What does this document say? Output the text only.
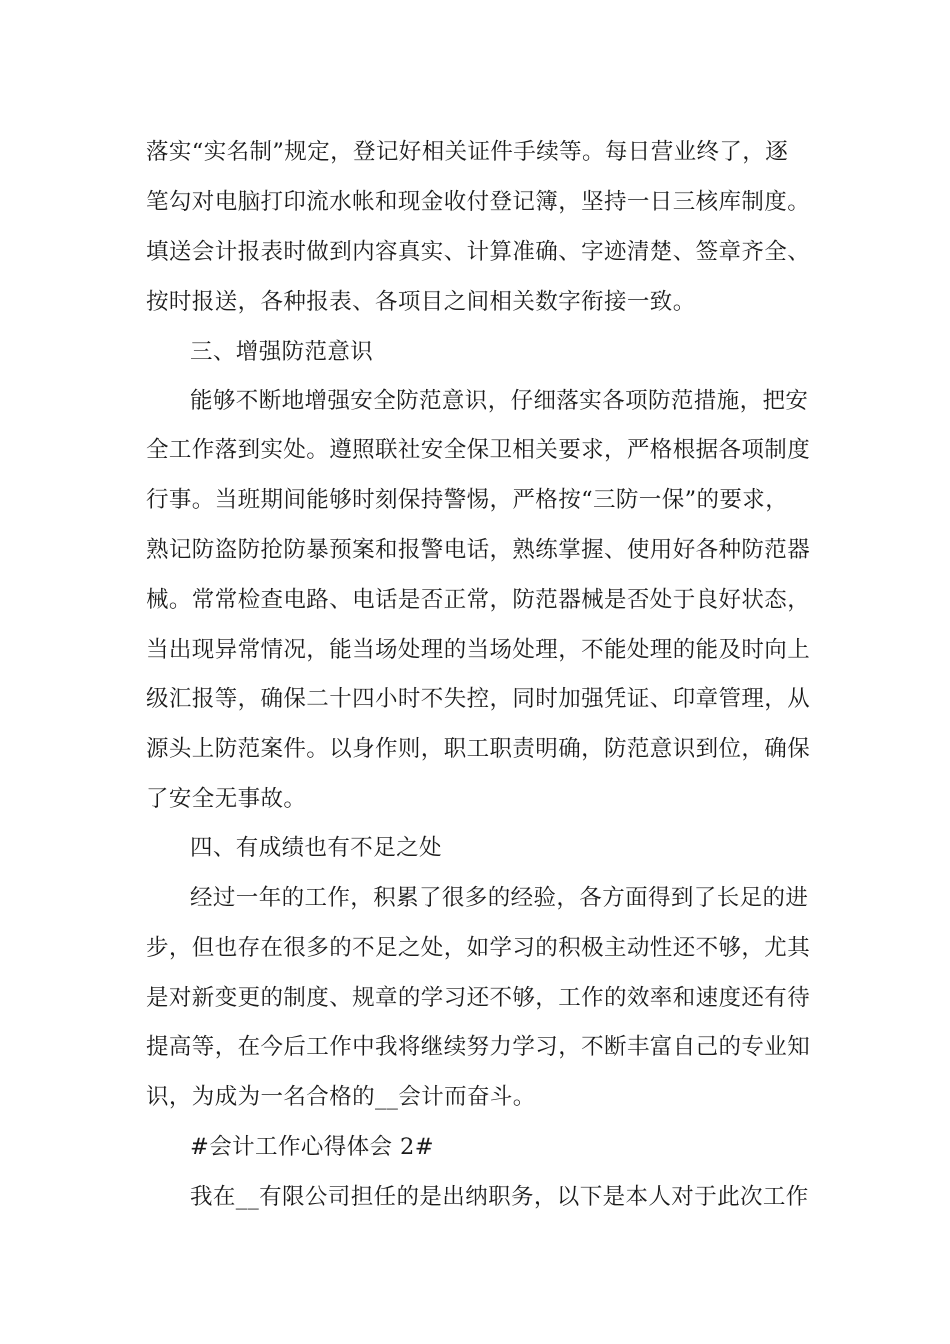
落实“实名制”规定，登记好相关证件手续等。每日营业终了，逐
笔勾对电脑打印流水帐和现金收付登记簿，坚持一日三核库制度。
填送会计报表时做到内容真实、计算准确、字迹清楚、签章齐全、
按时报送，各种报表、各项目之间相关数字衔接一致。
三、增强防范意识
能够不断地增强安全防范意识，仔细落实各项防范措施，把安
全工作落到实处。遵照联社安全保卫相关要求，严格根据各项制度
行事。当班期间能够时刻保持警惕，严格按“三防一保”的要求，
熟记防盗防抢防暴预案和报警电话，熟练掌握、使用好各种防范器
械。常常检查电路、电话是否正常，防范器械是否处于良好状态，
当出现异常情况，能当场处理的当场处理，不能处理的能及时向上
级汇报等，确保二十四小时不失控，同时加强凭证、印章管理，从
源头上防范案件。以身作则，职工职责明确，防范意识到位，确保
了安全无事故。
四、有成绩也有不足之处
经过一年的工作，积累了很多的经验，各方面得到了长足的进
步，但也存在很多的不足之处，如学习的积极主动性还不够，尤其
是对新变更的制度、规章的学习还不够，工作的效率和速度还有待
提高等，在今后工作中我将继续努力学习，不断丰富自己的专业知
识，为成为一名合格的__会计而奋斗。
#会计工作心得体会 2#
我在__有限公司担任的是出纳职务，以下是本人对于此次工作
